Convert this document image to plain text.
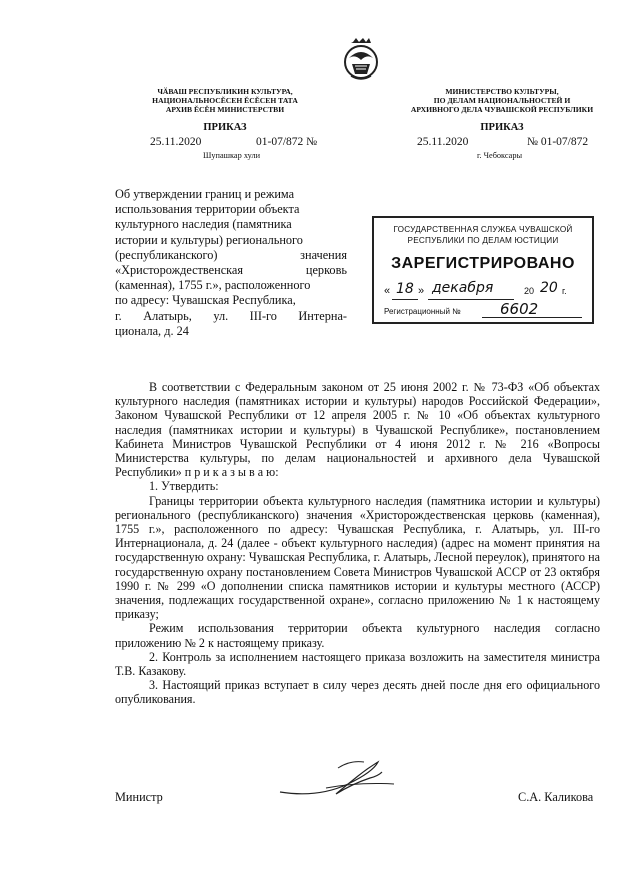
ЧӐВАШ РЕСПУБЛИКИН КУЛЬТУРА,
НАЦИОНАЛЬНОСĔСЕН ĔСĔСЕН ТАТА
АРХИВ ĔСĔН МИНИСТЕРСТВИ
ПРИКАЗ
25.11.2020	01-07/872 №
Шупашкар хули
МИНИСТЕРСТВО КУЛЬТУРЫ,
ПО ДЕЛАМ НАЦИОНАЛЬНОСТЕЙ И
АРХИВНОГО ДЕЛА ЧУВАШСКОЙ РЕСПУБЛИКИ
ПРИКАЗ
25.11.2020	№ 01-07/872
г. Чебоксары
Об утверждении границ и режима
использования территории объекта
культурного наследия (памятника
истории и культуры) регионального
(республиканского) значения
«Христорождественская церковь
(каменная), 1755 г.», расположенного
по адресу: Чувашская Республика,
г. Алатырь, ул. III-го Интерна-
ционала, д. 24
ГОСУДАРСТВЕННАЯ СЛУЖБА ЧУВАШСКОЙ
РЕСПУБЛИКИ ПО ДЕЛАМ ЮСТИЦИИ
ЗАРЕГИСТРИРОВАНО
« 18 » декабря	20 20 г.
Регистрационный №	6602

В соответствии с Федеральным законом от 25 июня 2002 г. № 73-ФЗ «Об объектах культурного наследия (памятниках истории и культуры) народов Российской Федерации», Законом Чувашской Республики от 12 апреля 2005 г. № 10 «Об объектах культурного наследия (памятниках истории и культуры) в Чувашской Республике», постановлением Кабинета Министров Чувашской Республики от 4 июня 2012 г. № 216 «Вопросы Министерства культуры, по делам национальностей и архивного дела Чувашской Республики» п р и к а з ы в а ю:

1. Утвердить:

Границы территории объекта культурного наследия (памятника истории и культуры) регионального (республиканского) значения «Христорождественская церковь (каменная), 1755 г.», расположенного по адресу: Чувашская Республика, г. Алатырь, ул. III-го Интернационала, д. 24 (далее - объект культурного наследия) (адрес на момент принятия на государственную охрану: Чувашская Республика, г. Алатырь, Лесной переулок), принятого на государственную охрану постановлением Совета Министров Чувашской АССР от 23 октября 1990 г. № 299 «О дополнении списка памятников истории и культуры местного (АССР) значения, подлежащих государственной охране», согласно приложению № 1 к настоящему приказу;

Режим использования территории объекта культурного наследия согласно приложению № 2 к настоящему приказу.

2. Контроль за исполнением настоящего приказа возложить на заместителя министра Т.В. Казакову.

3. Настоящий приказ вступает в силу через десять дней после дня его официального опубликования.

Министр	С.А. Каликова
